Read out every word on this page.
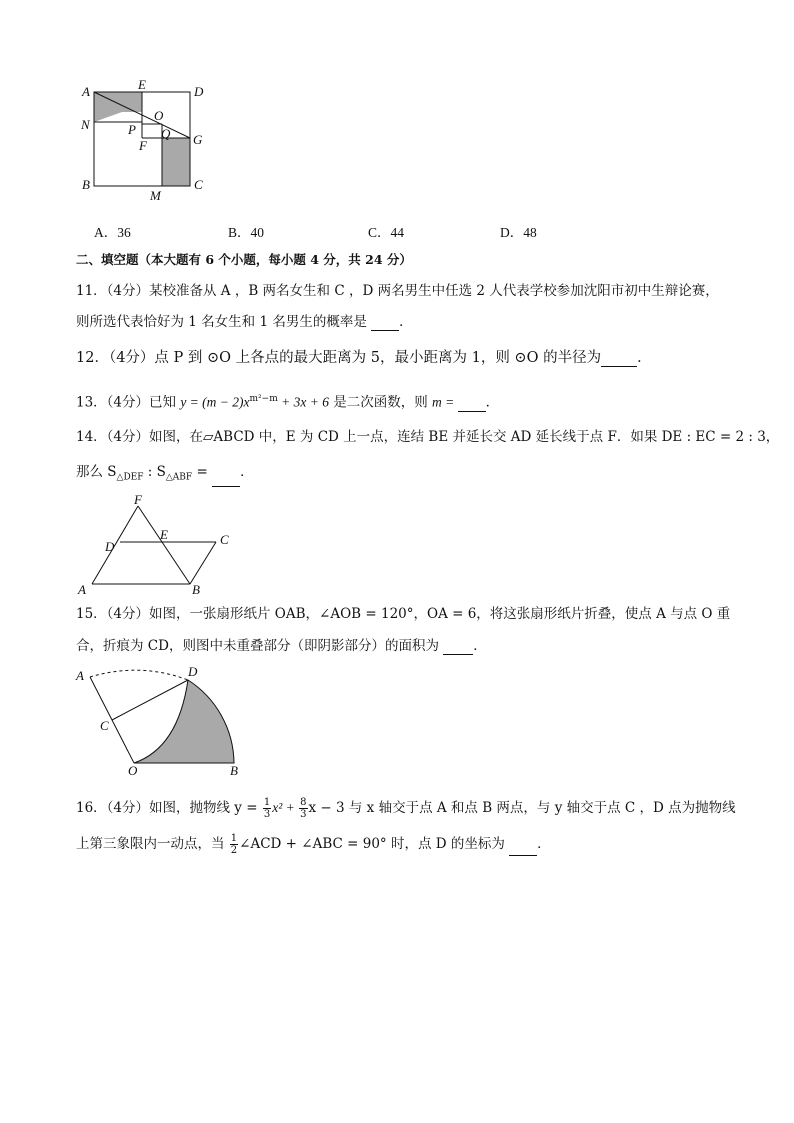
A	E	D
N	P
O
Q G
F
B
M
C
A．36	B．40	C．44	D．48
二、填空题（本大题有 6 个小题，每小题 4 分，共 24 分）
11．（4分）某校准备从 A ，B 两名女生和 C ，D 两名男生中任选 2 人代表学校参加沈阳市初中生辩论赛，
则所选代表恰好为 1 名女生和 1 名男生的概率是 ．
12．（4分）点 P 到 ⊙O 上各点的最大距离为 5，最小距离为 1，则 ⊙O 的半径为 ．
13．（4分）已知 $y = (m - 2)x^{m^2-m} + 3x + 6$ 是二次函数，则 m = ．
14．（4分）如图，在▱ABCD 中，E 为 CD 上一点，连结 BE 并延长交 AD 延长线于点 F．如果 DE : EC = 2 : 3，
那么 $S_{\triangle DEF}$ : $S_{\triangle ABF}$ = ．
F
E	C
D
A	B
15．（4分）如图，一张扇形纸片 OAB，∠AOB = 120°，OA = 6，将这张扇形纸片折叠，使点 A 与点 O 重
合，折痕为 CD，则图中未重叠部分（即阴影部分）的面积为 ．
A	D
C
O	B
16．（4分）如图，抛物线 $y = \frac{1}{3} x^2 + \frac{8}{3}$ x − 3 与 x 轴交于点 A 和点 B 两点，与 y 轴交于点 C ，D 点为抛物线
上第三象限内一动点，当 $\frac{1}{2}$ ∠ACD + ∠ABC = 90° 时，点 D 的坐标为 ．
